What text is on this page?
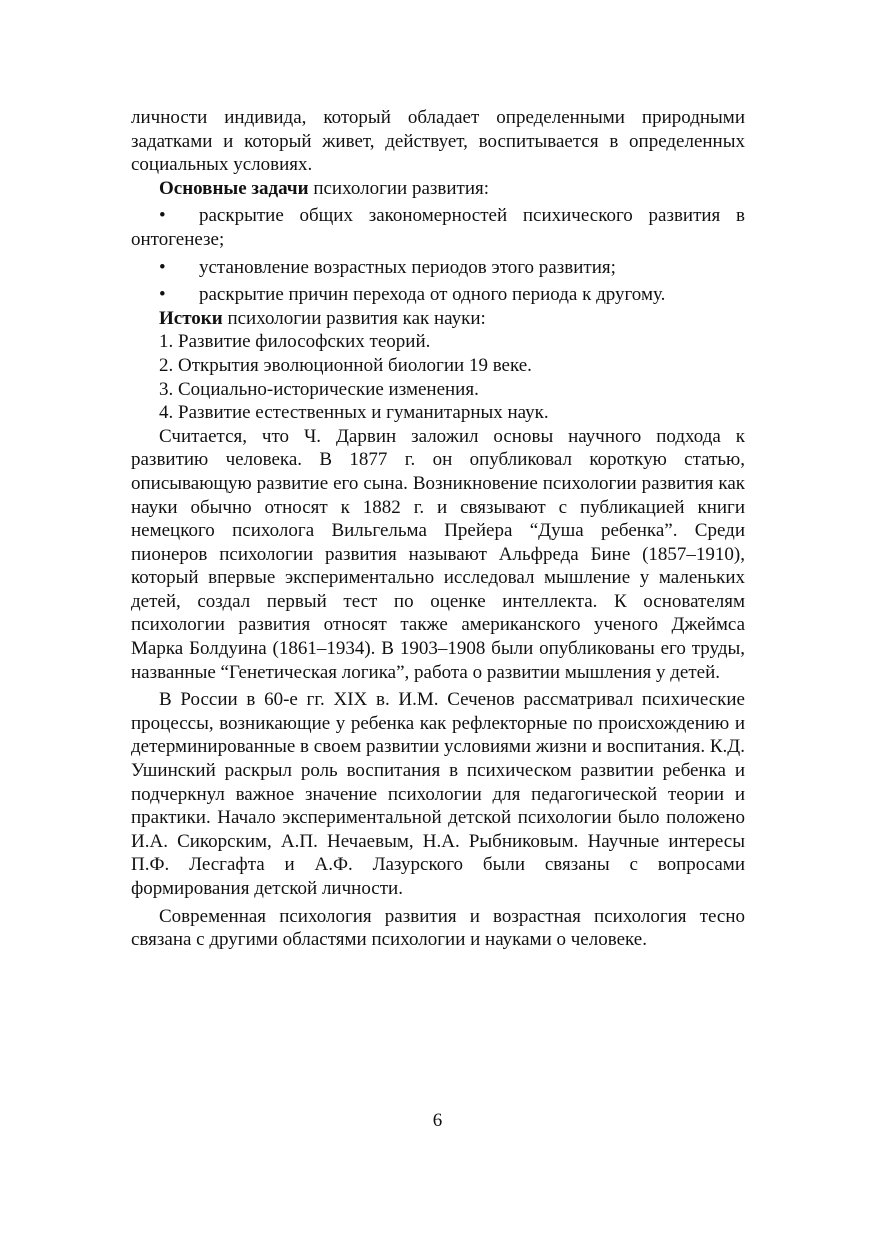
личности индивида, который обладает определенными природными задатками и который живет, действует, воспитывается в определенных социальных условиях.

Основные задачи психологии развития:

• раскрытие общих закономерностей психического развития в онтогенезе;

• установление возрастных периодов этого развития;

• раскрытие причин перехода от одного периода к другому.

Истоки психологии развития как науки:

1. Развитие философских теорий.

2. Открытия эволюционной биологии 19 веке.

3. Социально-исторические изменения.

4. Развитие естественных и гуманитарных наук.

Считается, что Ч. Дарвин заложил основы научного подхода к развитию человека. В 1877 г. он опубликовал короткую статью, описывающую развитие его сына. Возникновение психологии развития как науки обычно относят к 1882 г. и связывают с публикацией книги немецкого психолога Вильгельма Прейера “Душа ребенка”. Среди пионеров психологии развития называют Альфреда Бине (1857–1910), который впервые экспериментально исследовал мышление у маленьких детей, создал первый тест по оценке интеллекта. К основателям психологии развития относят также американского ученого Джеймса Марка Болдуина (1861–1934). В 1903–1908 были опубликованы его труды, названные “Генетическая логика”, работа о развитии мышления у детей.

В России в 60-е гг. XIX в. И.М. Сеченов рассматривал психические процессы, возникающие у ребенка как рефлекторные по происхождению и детерминированные в своем развитии условиями жизни и воспитания. К.Д. Ушинский раскрыл роль воспитания в психическом развитии ребенка и подчеркнул важное значение психологии для педагогической теории и практики. Начало экспериментальной детской психологии было положено И.А. Сикорским, А.П. Нечаевым, Н.А. Рыбниковым. Научные интересы П.Ф. Лесгафта и А.Ф. Лазурского были связаны с вопросами формирования детской личности.

Современная психология развития и возрастная психология тесно связана с другими областями психологии и науками о человеке.

6
